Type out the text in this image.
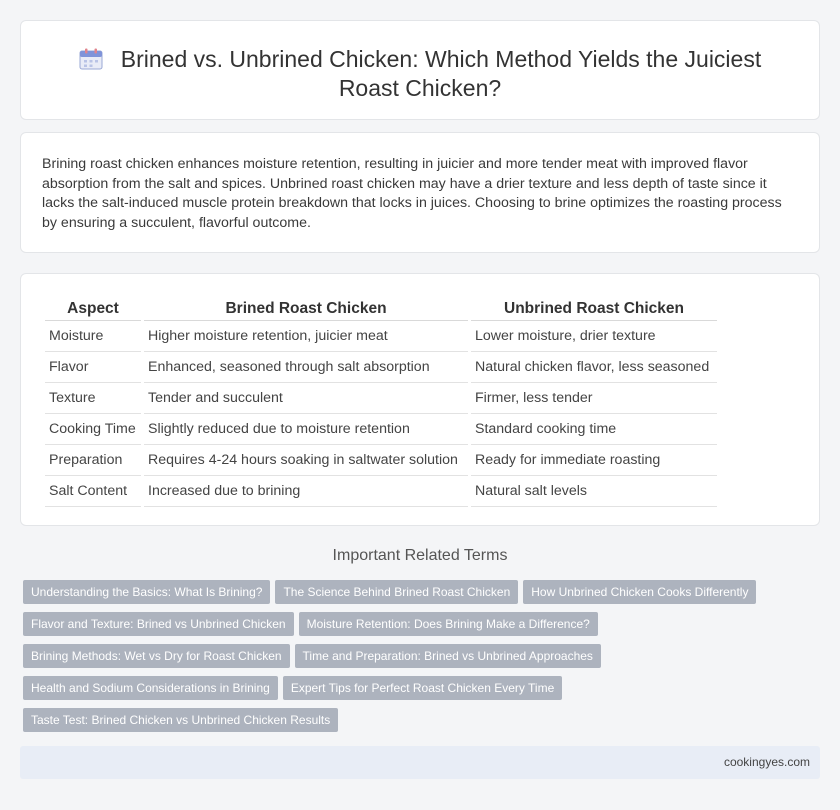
Brined vs. Unbrined Chicken: Which Method Yields the Juiciest Roast Chicken?

Brining roast chicken enhances moisture retention, resulting in juicier and more tender meat with improved flavor absorption from the salt and spices. Unbrined roast chicken may have a drier texture and less depth of taste since it lacks the salt-induced muscle protein breakdown that locks in juices. Choosing to brine optimizes the roasting process by ensuring a succulent, flavorful outcome.

Aspect	Brined Roast Chicken	Unbrined Roast Chicken
Moisture	Higher moisture retention, juicier meat	Lower moisture, drier texture
Flavor	Enhanced, seasoned through salt absorption	Natural chicken flavor, less seasoned
Texture	Tender and succulent	Firmer, less tender
Cooking Time	Slightly reduced due to moisture retention	Standard cooking time
Preparation	Requires 4-24 hours soaking in saltwater solution	Ready for immediate roasting
Salt Content	Increased due to brining	Natural salt levels
Important Related Terms
Understanding the Basics: What Is Brining? The Science Behind Brined Roast Chicken How Unbrined Chicken Cooks Differently
Flavor and Texture: Brined vs Unbrined Chicken Moisture Retention: Does Brining Make a Difference?
Brining Methods: Wet vs Dry for Roast Chicken Time and Preparation: Brined vs Unbrined Approaches
Health and Sodium Considerations in Brining Expert Tips for Perfect Roast Chicken Every Time
Taste Test: Brined Chicken vs Unbrined Chicken Results
cookingyes.com
